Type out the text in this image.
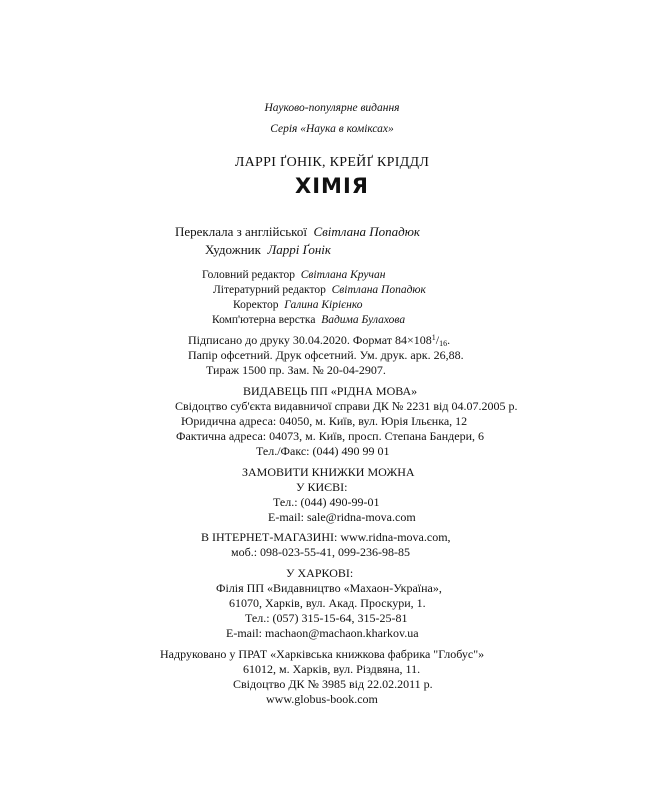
Науково-популярне видання
Серія «Наука в коміксах»
ЛАРРІ ҐОНІК, КРЕЙҐ КРІДДЛ
ХІМІЯ
Переклала з англійської Світлана Попадюк
Художник Ларрі Ґонік
Головний редактор Світлана Кручан
Літературний редактор Світлана Попадюк
Коректор Галина Кірієнко
Комп'ютерна верстка Вадима Булахова
Підписано до друку 30.04.2020. Формат $84\times 108^1/16$.
Папір офсетний. Друк офсетний. Ум. друк. арк. 26,88.
Тираж 1500 пр. Зам. № 20-04-2907.
ВИДАВЕЦЬ ПП «РІДНА МОВА»
Свідоцтво суб'єкта видавничої справи ДК № 2231 від 04.07.2005 р.
Юридична адреса: 04050, м. Київ, вул. Юрія Ільєнка, 12
Фактична адреса: 04073, м. Київ, просп. Степана Бандери, 6
Тел./Факс: (044) 490 99 01
ЗАМОВИТИ КНИЖКИ МОЖНА
У КИЄВІ:
Тел.: (044) 490-99-01
E-mail: sale@ridna-mova.com
В ІНТЕРНЕТ-МАГАЗИНІ: www.ridna-mova.com,
моб.: 098-023-55-41, 099-236-98-85
У ХАРКОВІ:
Філія ПП «Видавництво «Махаон-Україна»,
61070, Харків, вул. Акад. Проскури, 1.
Тел.: (057) 315-15-64, 315-25-81
E-mail: machaon@machaon.kharkov.ua
Надруковано у ПРАТ «Харківська книжкова фабрика "Глобус"»
61012, м. Харків, вул. Різдвяна, 11.
Свідоцтво ДК № 3985 від 22.02.2011 р.
www.globus-book.com
